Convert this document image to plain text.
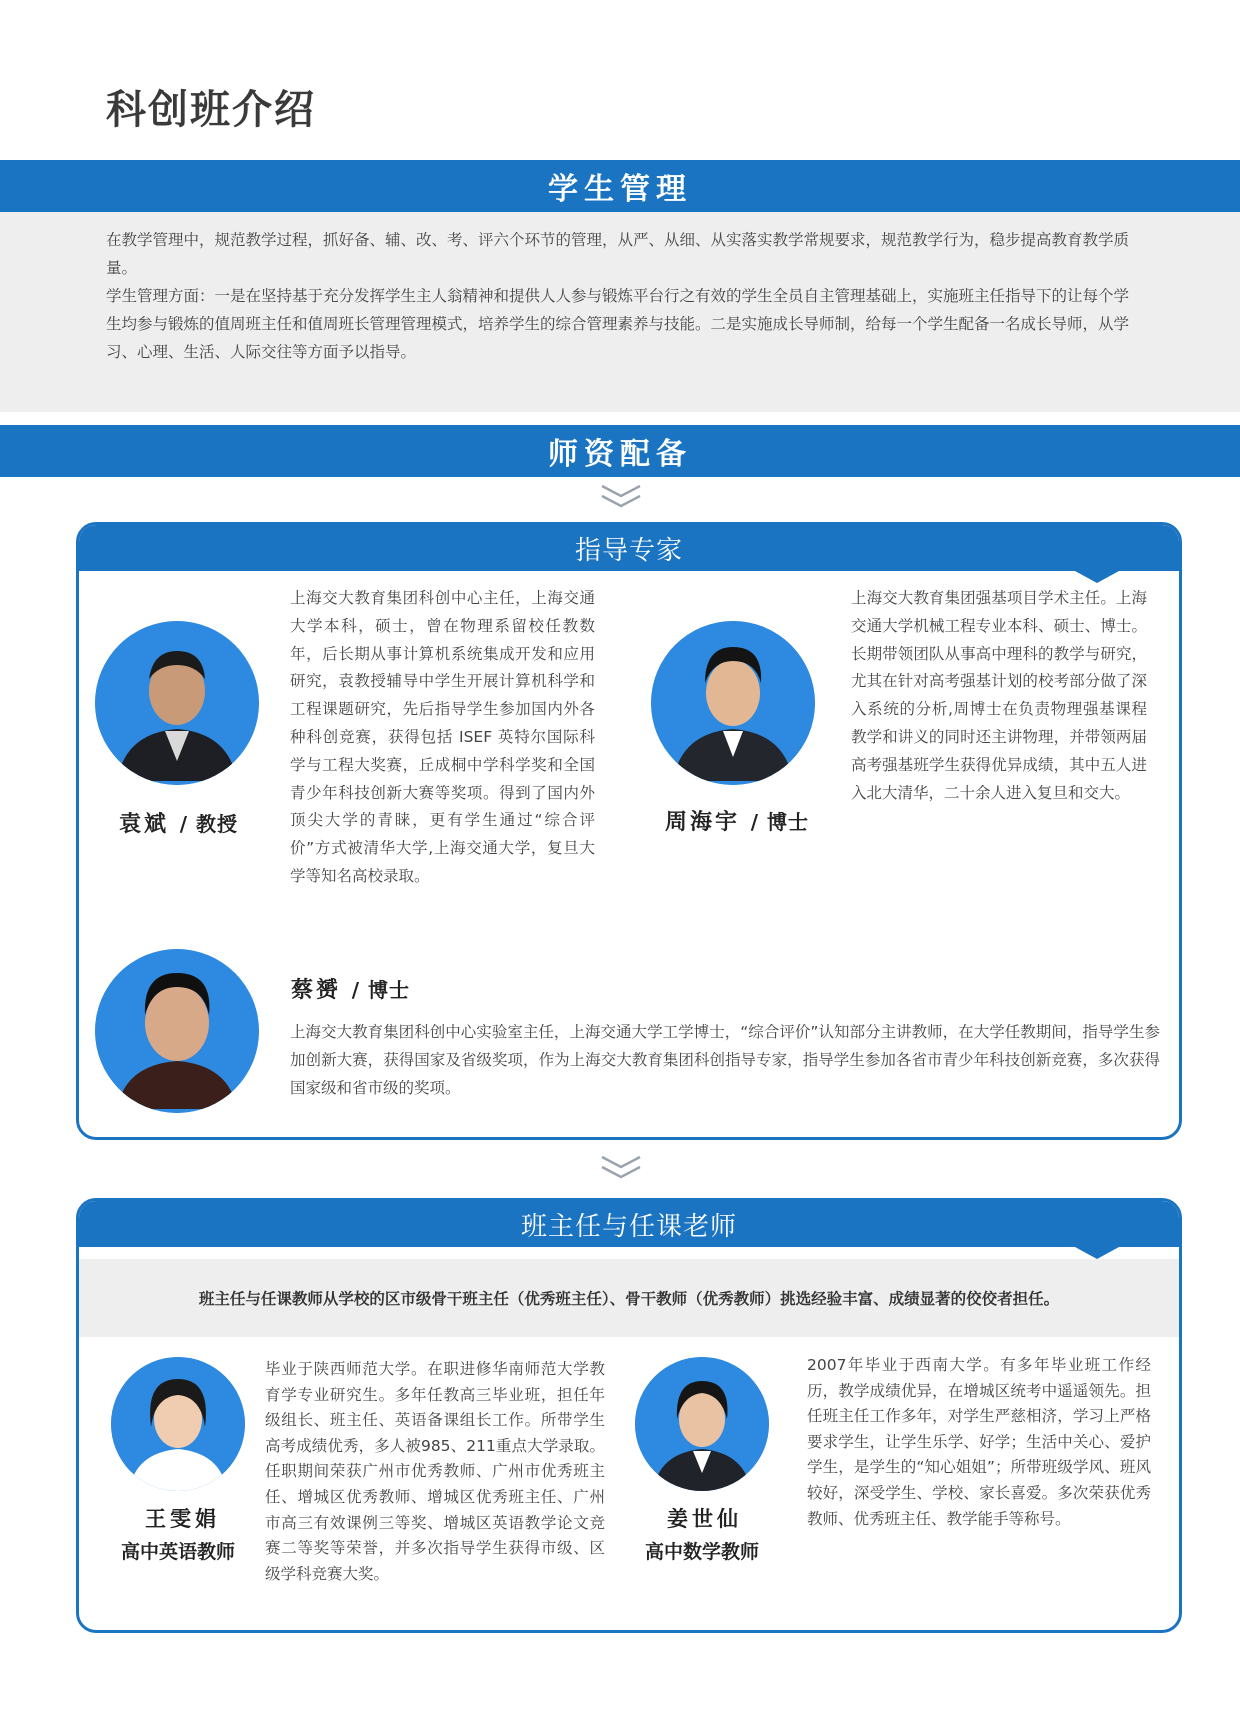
科创班介绍
学生管理

在教学管理中，规范教学过程，抓好备、辅、改、考、评六个环节的管理，从严、从细、从实落实教学常规要求，规范教学行为，稳步提高教育教学质量。

学生管理方面：一是在坚持基于充分发挥学生主人翁精神和提供人人参与锻炼平台行之有效的学生全员自主管理基础上，实施班主任指导下的让每个学生均参与锻炼的值周班主任和值周班长管理管理模式，培养学生的综合管理素养与技能。二是实施成长导师制，给每一个学生配备一名成长导师，从学习、心理、生活、人际交往等方面予以指导。

师资配备
指导专家
袁斌 / 教授
上海交大教育集团科创中心主任，上海交通大学本科，硕士，曾在物理系留校任教数年，后长期从事计算机系统集成开发和应用研究，袁教授辅导中学生开展计算机科学和工程课题研究，先后指导学生参加国内外各种科创竞赛，获得包括 ISEF 英特尔国际科学与工程大奖赛，丘成桐中学科学奖和全国青少年科技创新大赛等奖项。得到了国内外顶尖大学的青睐，更有学生通过“综合评价”方式被清华大学,上海交通大学，复旦大学等知名高校录取。
周海宇 / 博士
上海交大教育集团强基项目学术主任。上海交通大学机械工程专业本科、硕士、博士。长期带领团队从事高中理科的教学与研究，尤其在针对高考强基计划的校考部分做了深入系统的分析,周博士在负责物理强基课程教学和讲义的同时还主讲物理，并带领两届高考强基班学生获得优异成绩，其中五人进入北大清华，二十余人进入复旦和交大。
蔡赟 / 博士
上海交大教育集团科创中心实验室主任，上海交通大学工学博士，“综合评价”认知部分主讲教师，在大学任教期间，指导学生参加创新大赛，获得国家及省级奖项，作为上海交大教育集团科创指导专家，指导学生参加各省市青少年科技创新竞赛，多次获得国家级和省市级的奖项。
班主任与任课老师
班主任与任课教师从学校的区市级骨干班主任（优秀班主任）、骨干教师（优秀教师）挑选经验丰富、成绩显著的佼佼者担任。
王雯娟
高中英语教师
毕业于陕西师范大学。在职进修华南师范大学教育学专业研究生。多年任教高三毕业班，担任年级组长、班主任、英语备课组长工作。所带学生高考成绩优秀，多人被985、211重点大学录取。任职期间荣获广州市优秀教师、广州市优秀班主任、增城区优秀教师、增城区优秀班主任、广州市高三有效课例三等奖、增城区英语教学论文竞赛二等奖等荣誉，并多次指导学生获得市级、区级学科竞赛大奖。
姜世仙
高中数学教师
2007年毕业于西南大学。有多年毕业班工作经历，教学成绩优异，在增城区统考中遥遥领先。担任班主任工作多年，对学生严慈相济，学习上严格要求学生，让学生乐学、好学；生活中关心、爱护学生，是学生的“知心姐姐”；所带班级学风、班风较好，深受学生、学校、家长喜爱。多次荣获优秀教师、优秀班主任、教学能手等称号。
